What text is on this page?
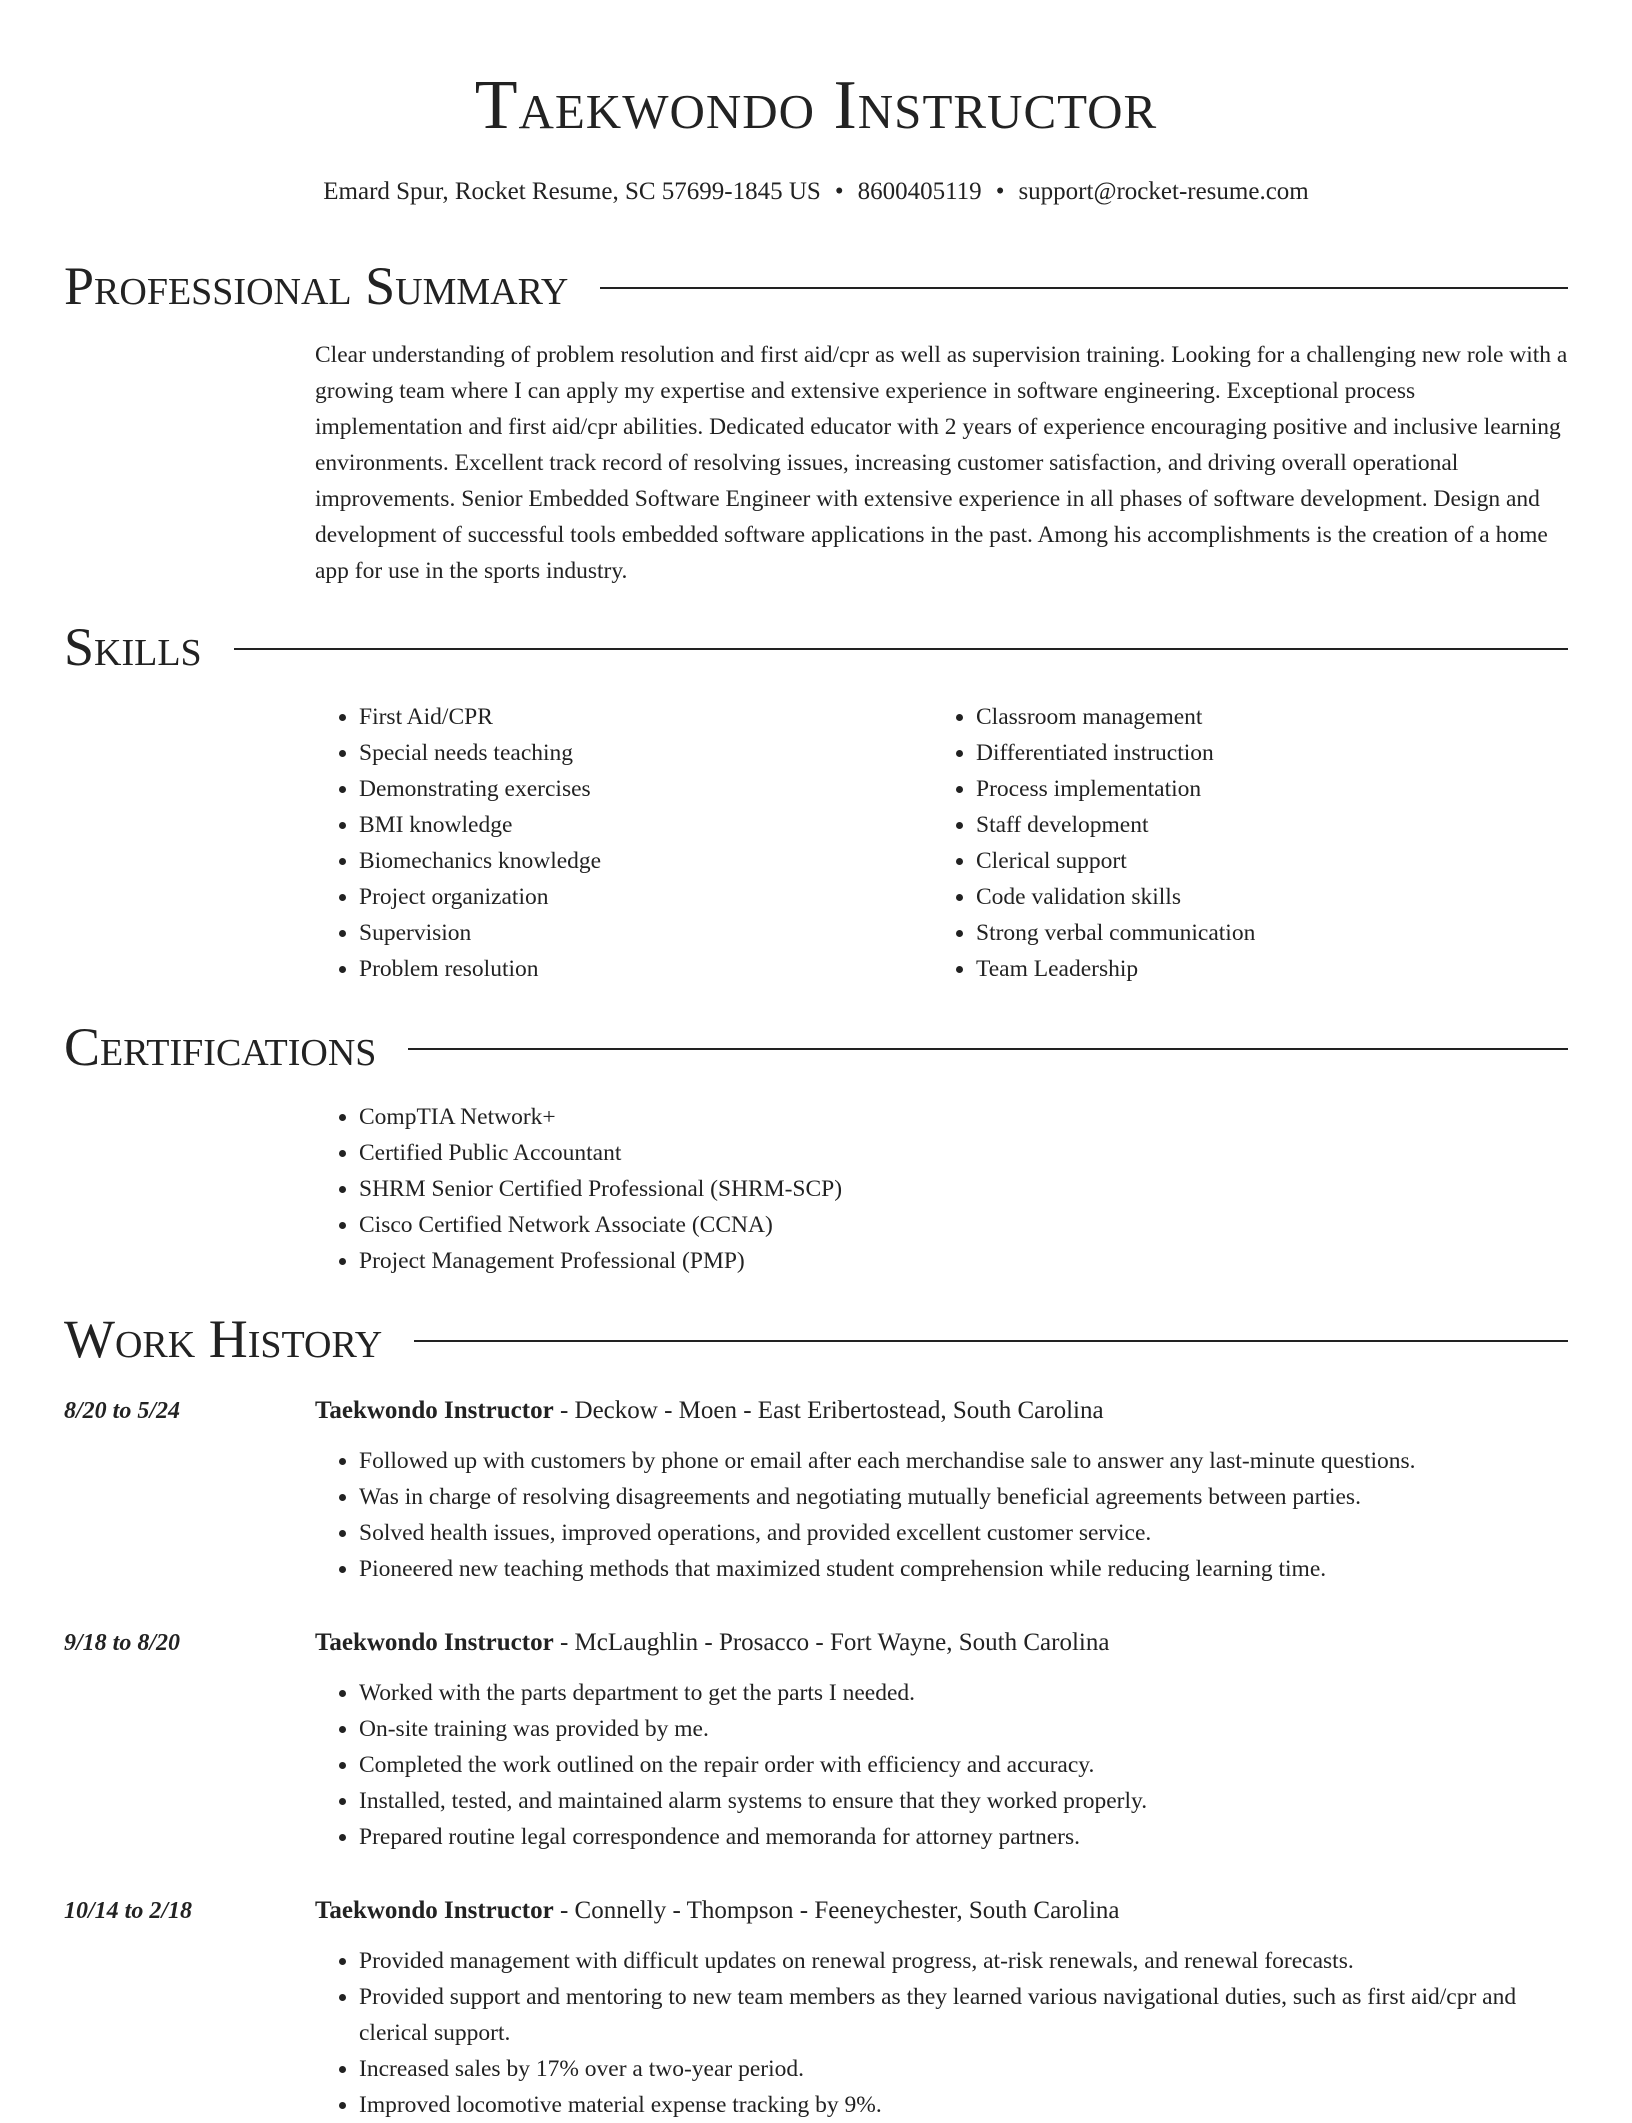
Taekwondo Instructor
Emard Spur, Rocket Resume, SC 57699-1845 US • 8600405119 • support@rocket-resume.com
Professional Summary
Clear understanding of problem resolution and first aid/cpr as well as supervision training. Looking for a challenging new role with a growing team where I can apply my expertise and extensive experience in software engineering. Exceptional process implementation and first aid/cpr abilities. Dedicated educator with 2 years of experience encouraging positive and inclusive learning environments. Excellent track record of resolving issues, increasing customer satisfaction, and driving overall operational improvements. Senior Embedded Software Engineer with extensive experience in all phases of software development. Design and development of successful tools embedded software applications in the past. Among his accomplishments is the creation of a home app for use in the sports industry.
Skills
• First Aid/CPR
• Special needs teaching
• Demonstrating exercises
• BMI knowledge
• Biomechanics knowledge
• Project organization
• Supervision
• Problem resolution
• Classroom management
• Differentiated instruction
• Process implementation
• Staff development
• Clerical support
• Code validation skills
• Strong verbal communication
• Team Leadership
Certifications
• CompTIA Network+
• Certified Public Accountant
• SHRM Senior Certified Professional (SHRM-SCP)
• Cisco Certified Network Associate (CCNA)
• Project Management Professional (PMP)
Work History
8/20 to 5/24	Taekwondo Instructor - Deckow - Moen - East Eribertostead, South Carolina
• Followed up with customers by phone or email after each merchandise sale to answer any last-minute questions.
• Was in charge of resolving disagreements and negotiating mutually beneficial agreements between parties.
• Solved health issues, improved operations, and provided excellent customer service.
• Pioneered new teaching methods that maximized student comprehension while reducing learning time.
9/18 to 8/20	Taekwondo Instructor - McLaughlin - Prosacco - Fort Wayne, South Carolina
• Worked with the parts department to get the parts I needed.
• On-site training was provided by me.
• Completed the work outlined on the repair order with efficiency and accuracy.
• Installed, tested, and maintained alarm systems to ensure that they worked properly.
• Prepared routine legal correspondence and memoranda for attorney partners.
10/14 to 2/18	Taekwondo Instructor - Connelly - Thompson - Feeneychester, South Carolina
• Provided management with difficult updates on renewal progress, at-risk renewals, and renewal forecasts.
• Provided support and mentoring to new team members as they learned various navigational duties, such as first aid/cpr and clerical support.
• Increased sales by 17% over a two-year period.
• Improved locomotive material expense tracking by 9%.
